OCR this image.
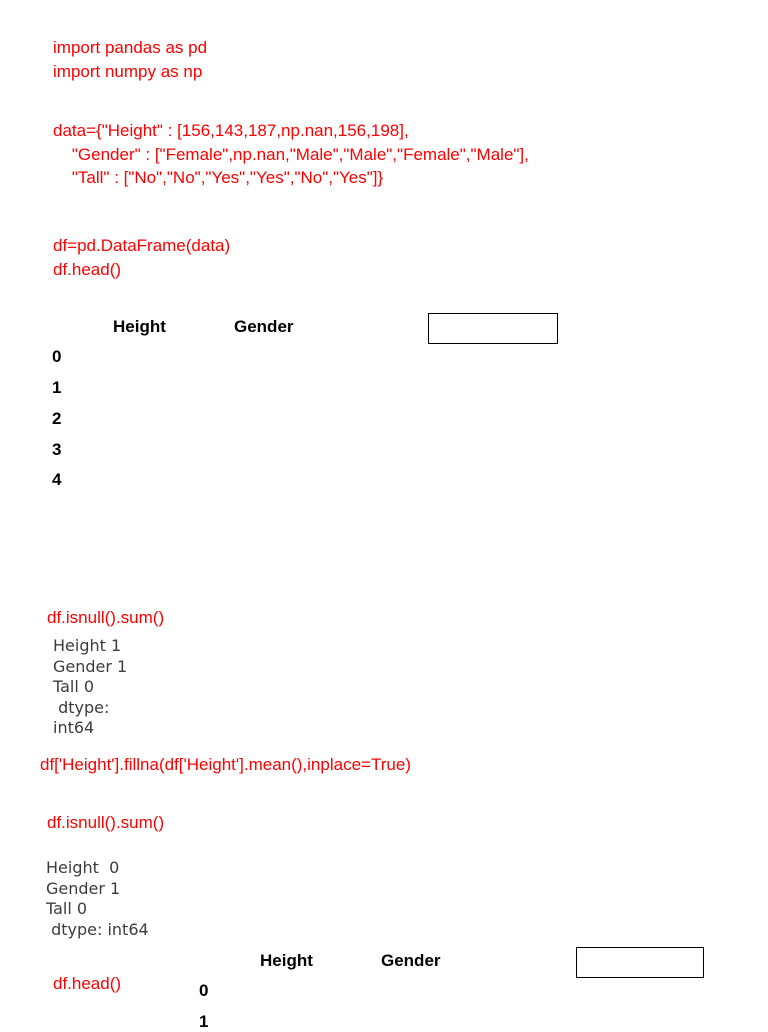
import pandas as pd
import numpy as np
data={"Height" : [156,143,187,np.nan,156,198],
"Gender" : ["Female",np.nan,"Male","Male","Female","Male"],
"Tall" : ["No","No","Yes","Yes","No","Yes"]}
df=pd.DataFrame(data)
df.head()
Height	Gender
0
1
2
3
4
df.isnull().sum()
Height 1
Gender 1
Tall 0
dtype:
int64
df['Height'].fillna(df['Height'].mean(),inplace=True)
df.isnull().sum()
Height  0
Gender 1
Tall 0
dtype: int64
df.head()
Height	Gender
0
1
